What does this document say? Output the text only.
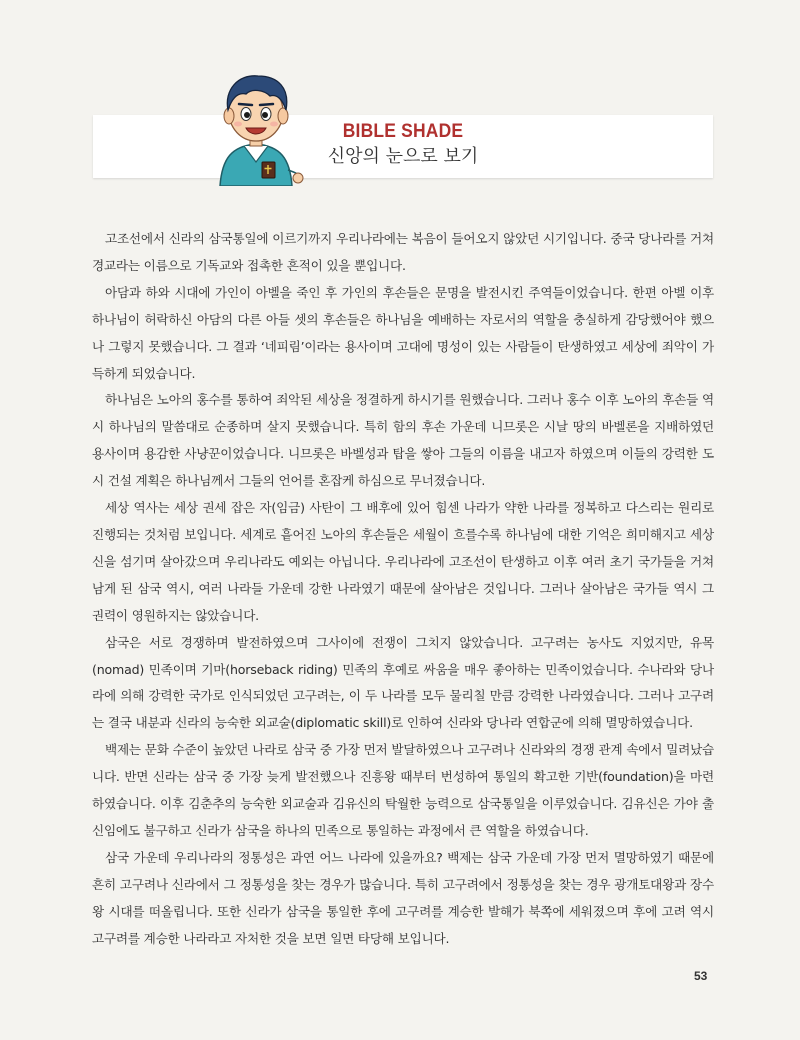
BIBLE SHADE
신앙의 눈으로 보기

고조선에서 신라의 삼국통일에 이르기까지 우리나라에는 복음이 들어오지 않았던 시기입니다. 중국 당나라를 거쳐 경교라는 이름으로 기독교와 접촉한 흔적이 있을 뿐입니다.

아담과 하와 시대에 가인이 아벨을 죽인 후 가인의 후손들은 문명을 발전시킨 주역들이었습니다. 한편 아벨 이후 하나님이 허락하신 아담의 다른 아들 셋의 후손들은 하나님을 예배하는 자로서의 역할을 충실하게 감당했어야 했으나 그렇지 못했습니다. 그 결과 ‘네피림’이라는 용사이며 고대에 명성이 있는 사람들이 탄생하였고 세상에 죄악이 가득하게 되었습니다.

하나님은 노아의 홍수를 통하여 죄악된 세상을 정결하게 하시기를 원했습니다. 그러나 홍수 이후 노아의 후손들 역시 하나님의 말씀대로 순종하며 살지 못했습니다. 특히 함의 후손 가운데 니므롯은 시날 땅의 바벨론을 지배하였던 용사이며 용감한 사냥꾼이었습니다. 니므롯은 바벨성과 탑을 쌓아 그들의 이름을 내고자 하였으며 이들의 강력한 도시 건설 계획은 하나님께서 그들의 언어를 혼잡케 하심으로 무너졌습니다.

세상 역사는 세상 권세 잡은 자(임금) 사탄이 그 배후에 있어 힘센 나라가 약한 나라를 정복하고 다스리는 원리로 진행되는 것처럼 보입니다. 세계로 흩어진 노아의 후손들은 세월이 흐를수록 하나님에 대한 기억은 희미해지고 세상 신을 섬기며 살아갔으며 우리나라도 예외는 아닙니다. 우리나라에 고조선이 탄생하고 이후 여러 초기 국가들을 거쳐 남게 된 삼국 역시, 여러 나라들 가운데 강한 나라였기 때문에 살아남은 것입니다. 그러나 살아남은 국가들 역시 그 권력이 영원하지는 않았습니다.

삼국은 서로 경쟁하며 발전하였으며 그사이에 전쟁이 그치지 않았습니다. 고구려는 농사도 지었지만, 유목(nomad) 민족이며 기마(horseback riding) 민족의 후예로 싸움을 매우 좋아하는 민족이었습니다. 수나라와 당나라에 의해 강력한 국가로 인식되었던 고구려는, 이 두 나라를 모두 물리칠 만큼 강력한 나라였습니다. 그러나 고구려는 결국 내분과 신라의 능숙한 외교술(diplomatic skill)로 인하여 신라와 당나라 연합군에 의해 멸망하였습니다.

백제는 문화 수준이 높았던 나라로 삼국 중 가장 먼저 발달하였으나 고구려나 신라와의 경쟁 관계 속에서 밀려났습니다. 반면 신라는 삼국 중 가장 늦게 발전했으나 진흥왕 때부터 번성하여 통일의 확고한 기반(foundation)을 마련하였습니다. 이후 김춘추의 능숙한 외교술과 김유신의 탁월한 능력으로 삼국통일을 이루었습니다. 김유신은 가야 출신임에도 불구하고 신라가 삼국을 하나의 민족으로 통일하는 과정에서 큰 역할을 하였습니다.

삼국 가운데 우리나라의 정통성은 과연 어느 나라에 있을까요? 백제는 삼국 가운데 가장 먼저 멸망하였기 때문에 흔히 고구려나 신라에서 그 정통성을 찾는 경우가 많습니다. 특히 고구려에서 정통성을 찾는 경우 광개토대왕과 장수왕 시대를 떠올립니다. 또한 신라가 삼국을 통일한 후에 고구려를 계승한 발해가 북쪽에 세워졌으며 후에 고려 역시 고구려를 계승한 나라라고 자처한 것을 보면 일면 타당해 보입니다.

53
